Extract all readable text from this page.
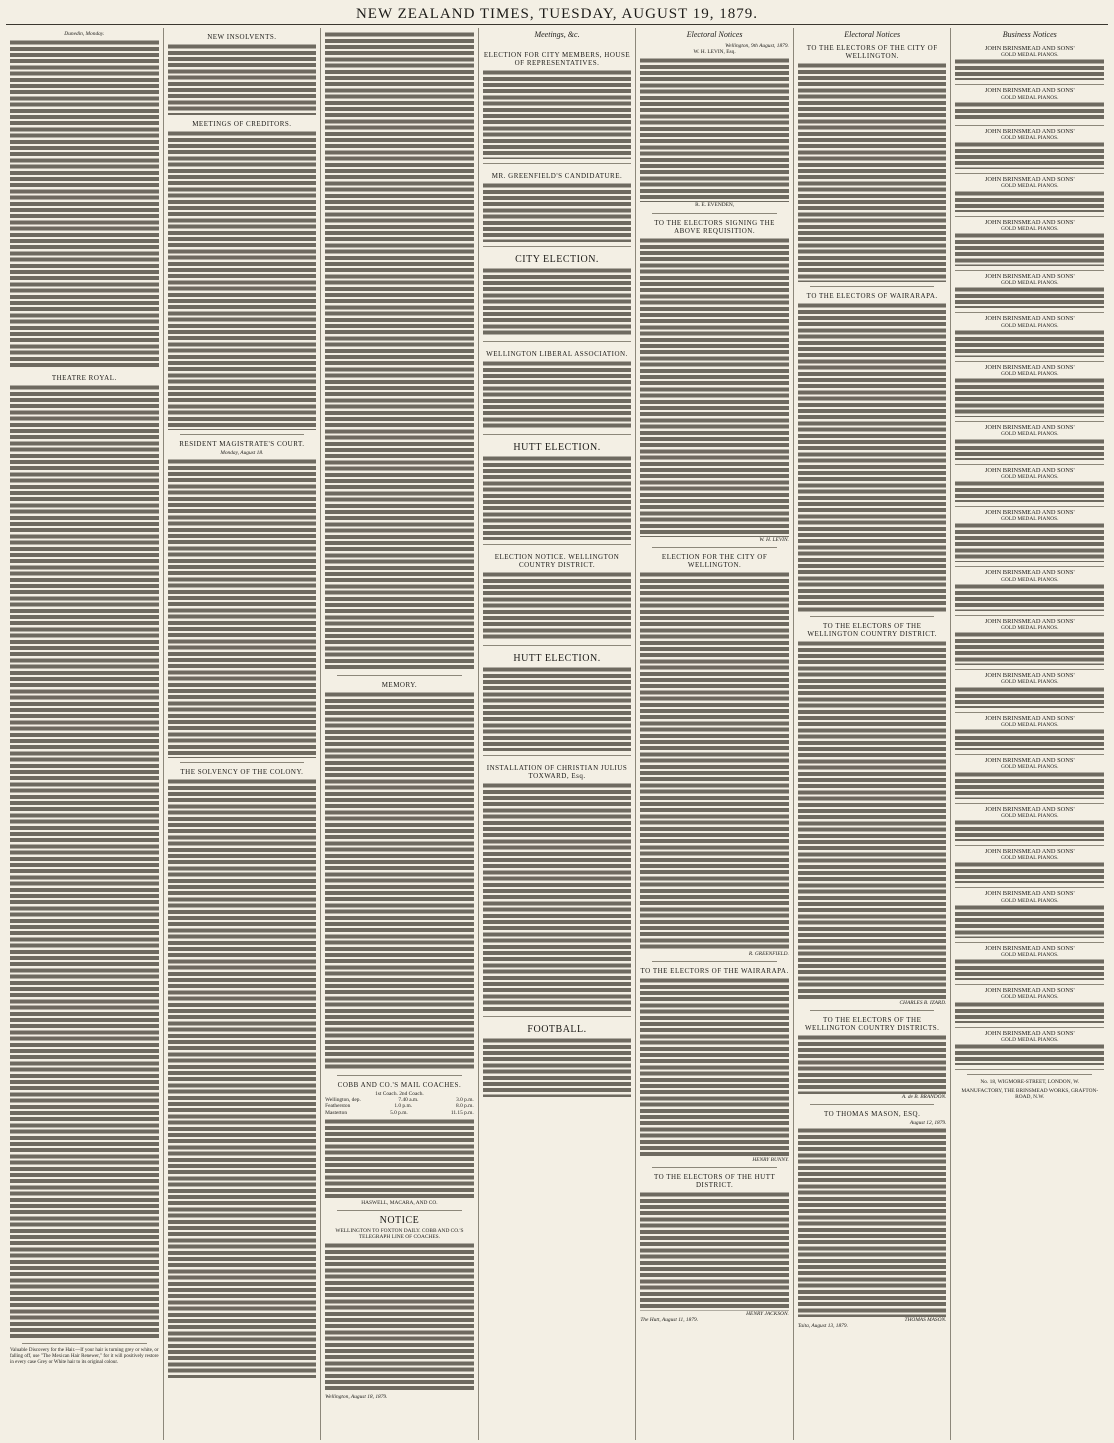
NEW ZEALAND TIMES, TUESDAY, AUGUST 19, 1879.
Dunedin, Monday.
THEATRE ROYAL.
Valuable Discovery for the Hair.—If your hair is turning grey or white, or falling off, use "The Mexican Hair Renewer," for it will positively restore in every case Grey or White hair to its original colour.
NEW INSOLVENTS.
MEETINGS OF CREDITORS.
RESIDENT MAGISTRATE'S COURT.
Monday, August 18.
THE SOLVENCY OF THE COLONY.
MEMORY.
COBB AND CO.'S MAIL COACHES.
1st Coach. 2nd Coach.
Wellington, dep.	7.40 a.m.	3.0 p.m.
Featherston	1.0 p.m.	8.0 p.m.
Masterton	5.0 p.m.	11.15 p.m.
HASWELL, MACARA, AND CO.
NOTICE
WELLINGTON TO FOXTON DAILY. COBB AND CO.'S TELEGRAPH LINE OF COACHES.
Wellington, August 18, 1879.
Meetings, &c.
ELECTION FOR CITY MEMBERS, HOUSE OF REPRESENTATIVES.
MR. GREENFIELD'S CANDIDATURE.
CITY ELECTION.
WELLINGTON LIBERAL ASSOCIATION.
HUTT ELECTION.
ELECTION NOTICE. WELLINGTON COUNTRY DISTRICT.
HUTT ELECTION.
INSTALLATION OF CHRISTIAN JULIUS TOXWARD, Esq.
FOOTBALL.
Electoral Notices
Wellington, 9th August, 1879.
W. H. LEVIN, Esq.
R. E. EVENDEN,
TO THE ELECTORS SIGNING THE ABOVE REQUISITION.
W. H. LEVIN.
ELECTION FOR THE CITY OF WELLINGTON.
R. GREENFIELD.
TO THE ELECTORS OF THE WAIRARAPA.
HENRY BUNNY.
TO THE ELECTORS OF THE HUTT DISTRICT.
HENRY JACKSON.
The Hutt, August 11, 1879.
Electoral Notices
TO THE ELECTORS OF THE CITY OF WELLINGTON.
TO THE ELECTORS OF WAIRARAPA.
TO THE ELECTORS OF THE WELLINGTON COUNTRY DISTRICT.
CHARLES B. IZARD.
TO THE ELECTORS OF THE WELLINGTON COUNTRY DISTRICTS.
A. de B. BRANDON.
TO THOMAS MASON, ESQ.
August 12, 1879.
THOMAS MASON.
Taita, August 13, 1879.
Business Notices
JOHN BRINSMEAD AND SONS'
GOLD MEDAL PIANOS.
JOHN BRINSMEAD AND SONS'
GOLD MEDAL PIANOS.
JOHN BRINSMEAD AND SONS'
GOLD MEDAL PIANOS.
JOHN BRINSMEAD AND SONS'
GOLD MEDAL PIANOS.
JOHN BRINSMEAD AND SONS'
GOLD MEDAL PIANOS.
JOHN BRINSMEAD AND SONS'
GOLD MEDAL PIANOS.
JOHN BRINSMEAD AND SONS'
GOLD MEDAL PIANOS.
JOHN BRINSMEAD AND SONS'
GOLD MEDAL PIANOS.
JOHN BRINSMEAD AND SONS'
GOLD MEDAL PIANOS.
JOHN BRINSMEAD AND SONS'
GOLD MEDAL PIANOS.
JOHN BRINSMEAD AND SONS'
GOLD MEDAL PIANOS.
JOHN BRINSMEAD AND SONS'
GOLD MEDAL PIANOS.
JOHN BRINSMEAD AND SONS'
GOLD MEDAL PIANOS.
JOHN BRINSMEAD AND SONS'
GOLD MEDAL PIANOS.
JOHN BRINSMEAD AND SONS'
GOLD MEDAL PIANOS.
JOHN BRINSMEAD AND SONS'
GOLD MEDAL PIANOS.
JOHN BRINSMEAD AND SONS'
GOLD MEDAL PIANOS.
JOHN BRINSMEAD AND SONS'
GOLD MEDAL PIANOS.
JOHN BRINSMEAD AND SONS'
GOLD MEDAL PIANOS.
JOHN BRINSMEAD AND SONS'
GOLD MEDAL PIANOS.
JOHN BRINSMEAD AND SONS'
GOLD MEDAL PIANOS.
JOHN BRINSMEAD AND SONS'
GOLD MEDAL PIANOS.
No. 18, WIGMORE-STREET, LONDON, W.
MANUFACTORY, THE BRINSMEAD WORKS, GRAFTON-ROAD, N.W.
